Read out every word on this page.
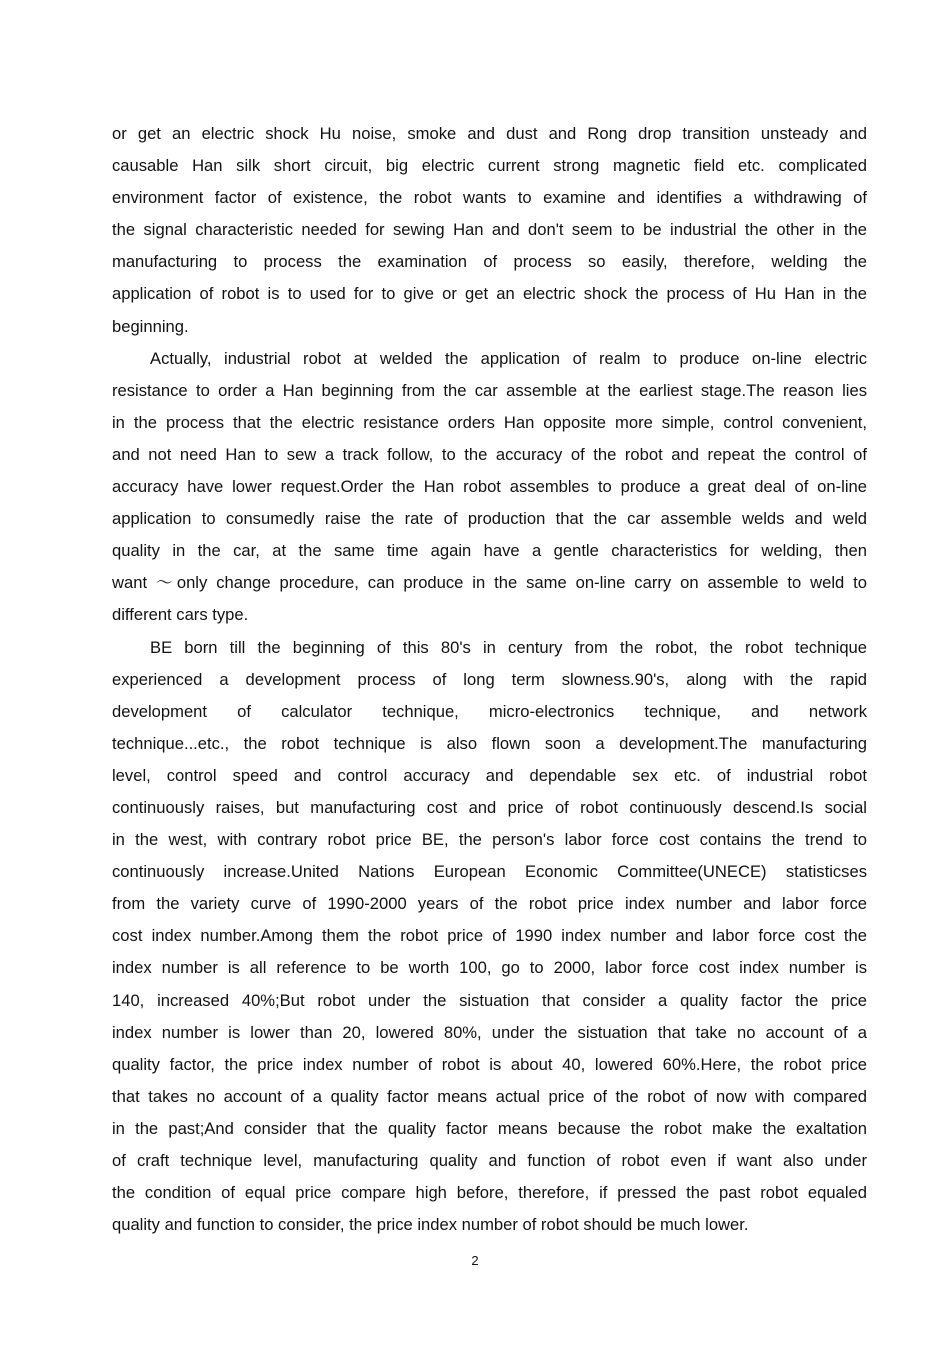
or get an electric shock Hu noise, smoke and dust and Rong drop transition unsteady and
causable Han silk short circuit, big electric current strong magnetic field etc. complicated
environment factor of existence, the robot wants to examine and identifies a withdrawing of
the signal characteristic needed for sewing Han and don't seem to be industrial the other in the
manufacturing to process the examination of process so easily, therefore, welding the
application of robot is to used for to give or get an electric shock the process of Hu Han in the
beginning.
Actually, industrial robot at welded the application of realm to produce on-line electric
resistance to order a Han beginning from the car assemble at the earliest stage.The reason lies
in the process that the electric resistance orders Han opposite more simple, control convenient,
and not need Han to sew a track follow, to the accuracy of the robot and repeat the control of
accuracy have lower request.Order the Han robot assembles to produce a great deal of on-line
application to consumedly raise the rate of production that the car assemble welds and weld
quality in the car, at the same time again have a gentle characteristics for welding, then
want ～only change procedure, can produce in the same on-line carry on assemble to weld to
different cars type.
BE born till the beginning of this 80's in century from the robot, the robot technique
experienced a development process of long term slowness.90's, along with the rapid
development of calculator technique, micro-electronics technique, and network
technique...etc., the robot technique is also flown soon a development.The manufacturing
level, control speed and control accuracy and dependable sex etc. of industrial robot
continuously raises, but manufacturing cost and price of robot continuously descend.Is social
in the west, with contrary robot price BE, the person's labor force cost contains the trend to
continuously increase.United Nations European Economic Committee(UNECE) statisticses
from the variety curve of 1990-2000 years of the robot price index number and labor force
cost index number.Among them the robot price of 1990 index number and labor force cost the
index number is all reference to be worth 100, go to 2000, labor force cost index number is
140, increased 40%;But robot under the sistuation that consider a quality factor the price
index number is lower than 20, lowered 80%, under the sistuation that take no account of a
quality factor, the price index number of robot is about 40, lowered 60%.Here, the robot price
that takes no account of a quality factor means actual price of the robot of now with compared
in the past;And consider that the quality factor means because the robot make the exaltation
of craft technique level, manufacturing quality and function of robot even if want also under
the condition of equal price compare high before, therefore, if pressed the past robot equaled
quality and function to consider, the price index number of robot should be much lower.
2
